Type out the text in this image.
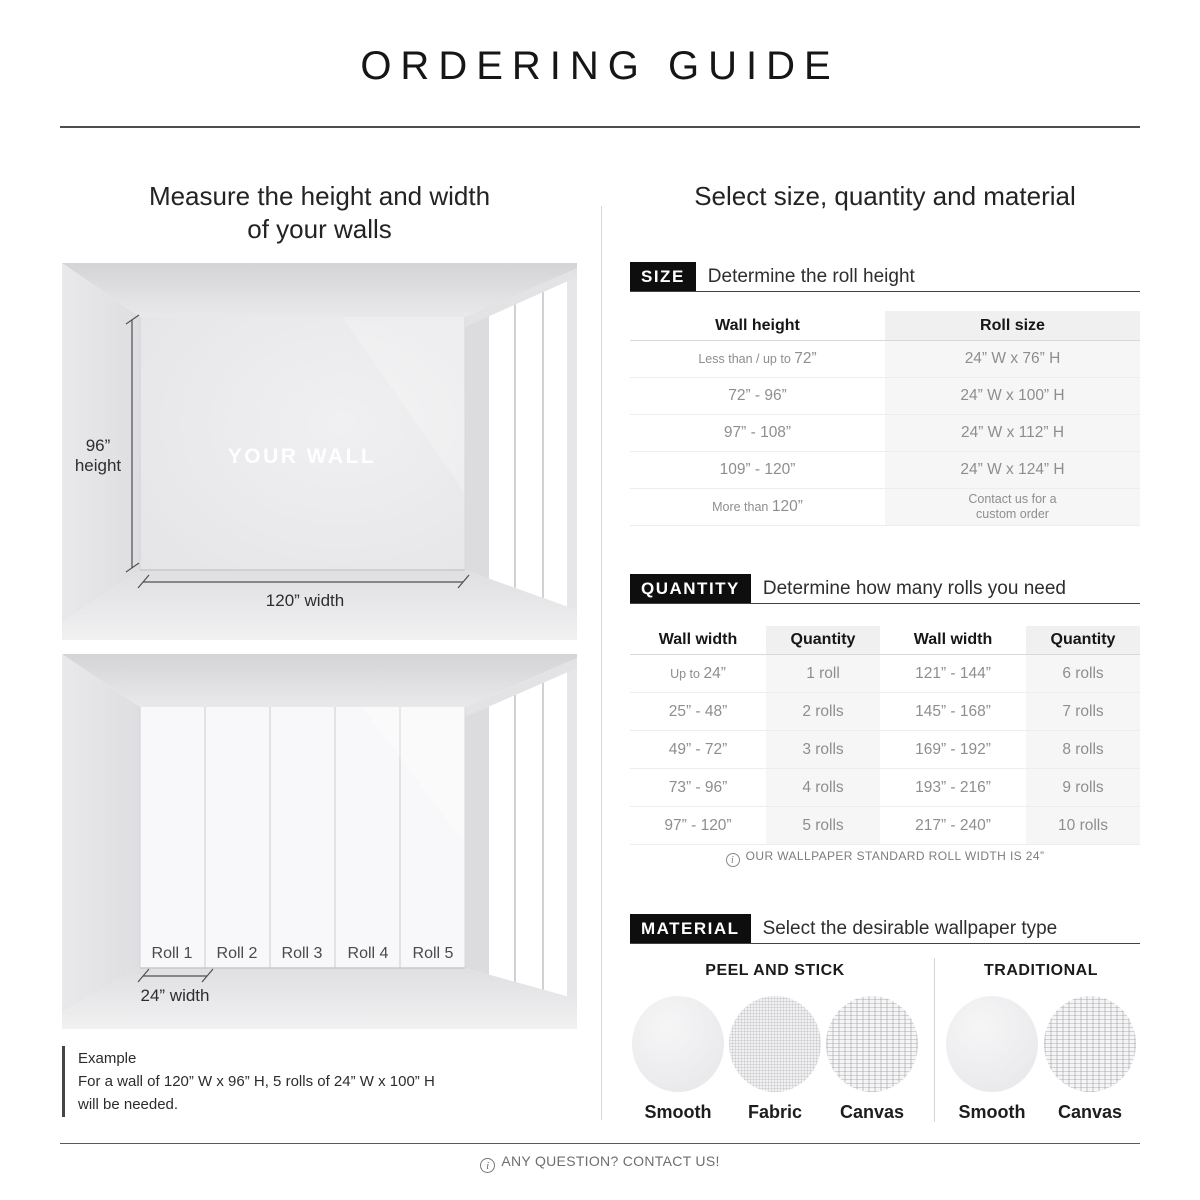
ORDERING GUIDE
Measure the height and width
of your walls
96”
height	YOUR WALL
120” width
Roll 1 Roll 2 Roll 3 Roll 4 Roll 5
24” width
Example
For a wall of 120” W x 96” H, 5 rolls of 24” W x 100” H
will be needed.
Select size, quantity and material
SIZE	Determine the roll height
Wall height	Roll size
Less than / up to 72”	24” W x 76” H
72” - 96”	24” W x 100” H
97” - 108”	24” W x 112” H
109” - 120”	24” W x 124” H
More than 120”	Contact us for a
custom order
QUANTITY	Determine how many rolls you need
Wall width	Quantity	Wall width	Quantity
Up to 24”	1 roll	121” - 144”	6 rolls
25” - 48”	2 rolls	145” - 168”	7 rolls
49” - 72”	3 rolls	169” - 192”	8 rolls
73” - 96”	4 rolls	193” - 216”	9 rolls
97” - 120”	5 rolls	217” - 240”	10 rolls
iOUR WALLPAPER STANDARD ROLL WIDTH IS 24”
MATERIAL	Select the desirable wallpaper type
PEEL AND STICK	TRADITIONAL
Smooth Fabric Canvas	Smooth Canvas
iANY QUESTION? CONTACT US!
